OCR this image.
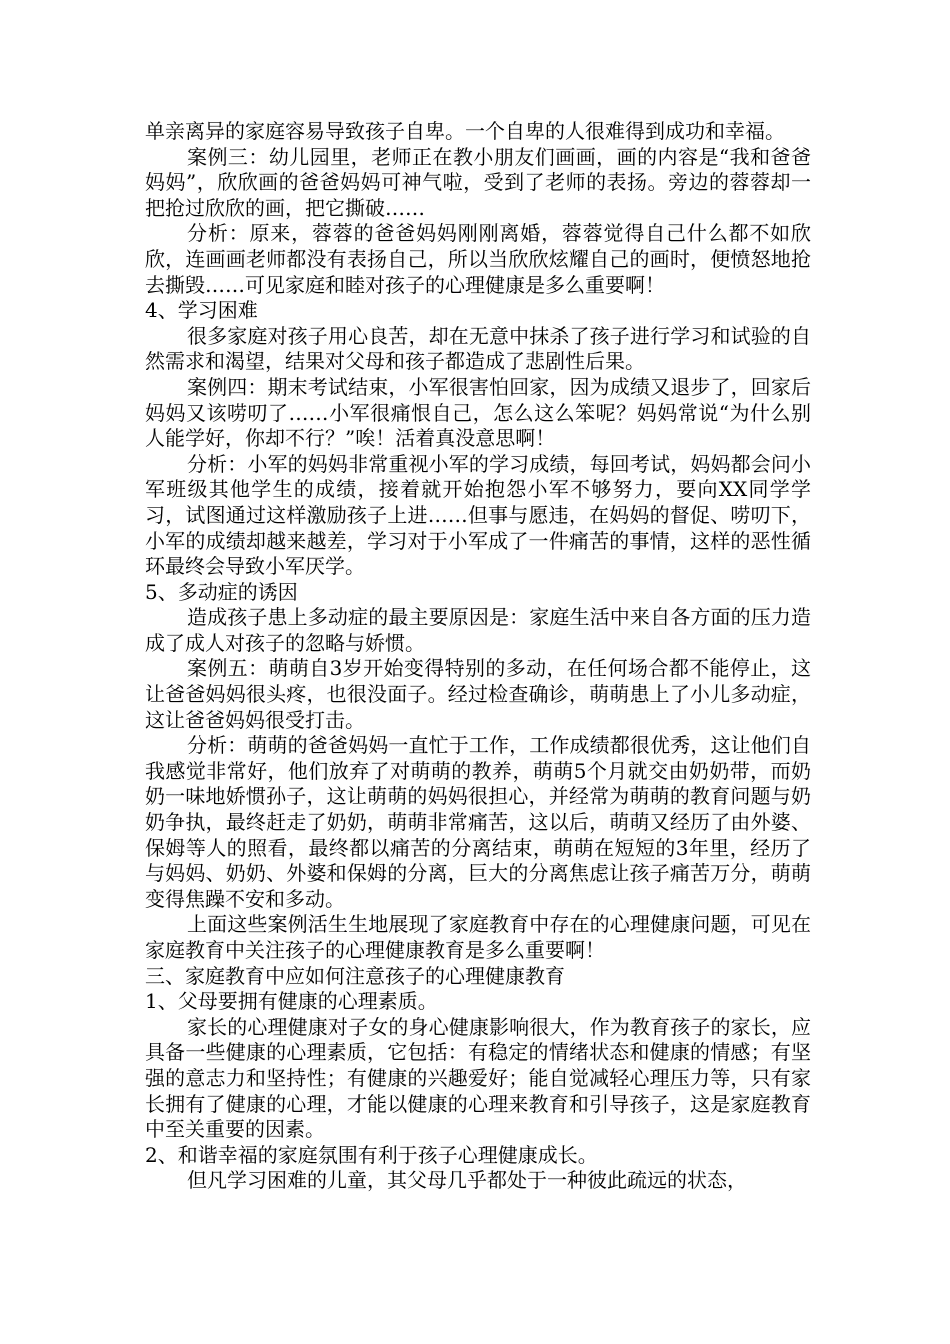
单亲离异的家庭容易导致孩子自卑。一个自卑的人很难得到成功和幸福。

案例三：幼儿园里，老师正在教小朋友们画画，画的内容是“我和爸爸妈妈”，欣欣画的爸爸妈妈可神气啦，受到了老师的表扬。旁边的蓉蓉却一把抢过欣欣的画，把它撕破……

分析：原来，蓉蓉的爸爸妈妈刚刚离婚，蓉蓉觉得自己什么都不如欣欣，连画画老师都没有表扬自己，所以当欣欣炫耀自己的画时，便愤怒地抢去撕毁……可见家庭和睦对孩子的心理健康是多么重要啊！

4、学习困难

很多家庭对孩子用心良苦，却在无意中抹杀了孩子进行学习和试验的自然需求和渴望，结果对父母和孩子都造成了悲剧性后果。

案例四：期末考试结束，小军很害怕回家，因为成绩又退步了，回家后妈妈又该唠叨了……小军很痛恨自己，怎么这么笨呢？妈妈常说“为什么别人能学好，你却不行？”唉！活着真没意思啊！

分析：小军的妈妈非常重视小军的学习成绩，每回考试，妈妈都会问小军班级其他学生的成绩，接着就开始抱怨小军不够努力，要向XX同学学习，试图通过这样激励孩子上进……但事与愿违，在妈妈的督促、唠叨下，小军的成绩却越来越差，学习对于小军成了一件痛苦的事情，这样的恶性循环最终会导致小军厌学。

5、多动症的诱因

造成孩子患上多动症的最主要原因是：家庭生活中来自各方面的压力造成了成人对孩子的忽略与娇惯。

案例五：萌萌自3岁开始变得特别的多动，在任何场合都不能停止，这让爸爸妈妈很头疼，也很没面子。经过检查确诊，萌萌患上了小儿多动症，这让爸爸妈妈很受打击。

分析：萌萌的爸爸妈妈一直忙于工作，工作成绩都很优秀，这让他们自我感觉非常好，他们放弃了对萌萌的教养，萌萌5个月就交由奶奶带，而奶奶一味地娇惯孙子，这让萌萌的妈妈很担心，并经常为萌萌的教育问题与奶奶争执，最终赶走了奶奶，萌萌非常痛苦，这以后，萌萌又经历了由外婆、保姆等人的照看，最终都以痛苦的分离结束，萌萌在短短的3年里，经历了与妈妈、奶奶、外婆和保姆的分离，巨大的分离焦虑让孩子痛苦万分，萌萌变得焦躁不安和多动。

上面这些案例活生生地展现了家庭教育中存在的心理健康问题，可见在家庭教育中关注孩子的心理健康教育是多么重要啊！

三、家庭教育中应如何注意孩子的心理健康教育

1、父母要拥有健康的心理素质。

家长的心理健康对子女的身心健康影响很大，作为教育孩子的家长，应具备一些健康的心理素质，它包括：有稳定的情绪状态和健康的情感；有坚强的意志力和坚持性；有健康的兴趣爱好；能自觉减轻心理压力等，只有家长拥有了健康的心理，才能以健康的心理来教育和引导孩子，这是家庭教育中至关重要的因素。

2、和谐幸福的家庭氛围有利于孩子心理健康成长。

但凡学习困难的儿童，其父母几乎都处于一种彼此疏远的状态，
